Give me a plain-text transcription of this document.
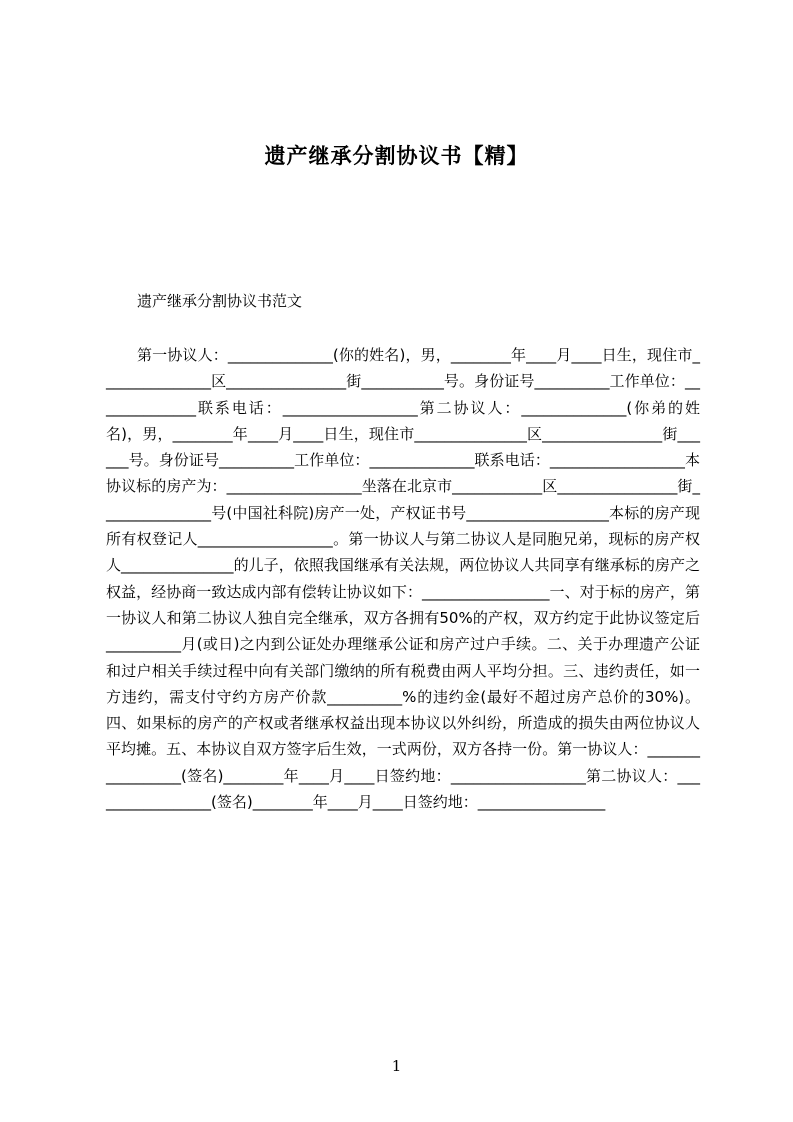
遗产继承分割协议书【精】

遗产继承分割协议书范文

第一协议人：______________(你的姓名)，男，________年____月____日生，现住市_______________区________________街___________号。身份证号__________工作单位：______________联系电话：__________________第二协议人：______________(你弟的姓名)，男，________年____月____日生，现住市_______________区________________街______号。身份证号__________工作单位：______________联系电话：__________________本协议标的房产为：__________________坐落在北京市____________区________________街_______________号(中国社科院)房产一处，产权证书号___________________本标的房产现所有权登记人__________________。第一协议人与第二协议人是同胞兄弟，现标的房产权人_______________的儿子，依照我国继承有关法规，两位协议人共同享有继承标的房产之权益，经协商一致达成内部有偿转让协议如下：_________________一、对于标的房产，第一协议人和第二协议人独自完全继承，双方各拥有50%的产权，双方约定于此协议签定后__________月(或日)之内到公证处办理继承公证和房产过户手续。二、关于办理遗产公证和过户相关手续过程中向有关部门缴纳的所有税费由两人平均分担。三、违约责任，如一方违约，需支付守约方房产价款__________%的违约金(最好不超过房产总价的30%)。四、如果标的房产的产权或者继承权益出现本协议以外纠纷，所造成的损失由两位协议人平均摊。五、本协议自双方签字后生效，一式两份，双方各持一份。第一协议人：_________________(签名)________年____月____日签约地：__________________第二协议人：_________________(签名)________年____月____日签约地：_________________

1
